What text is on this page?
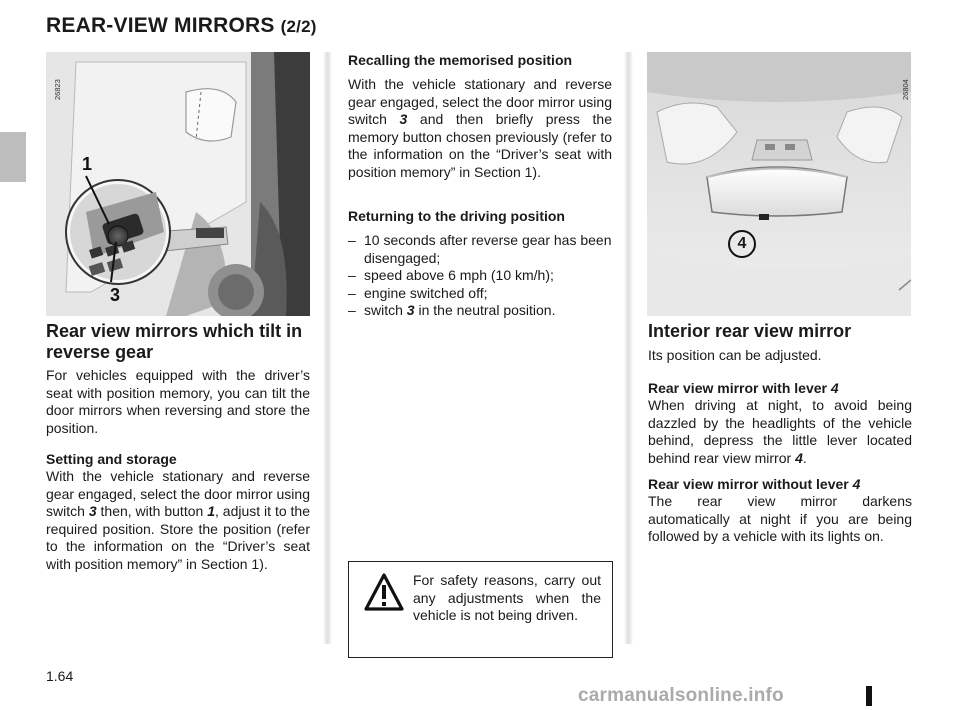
REAR-VIEW MIRRORS (2/2)
26823
1
3
Rear view mirrors which tilt in reverse gear
For vehicles equipped with the driver’s seat with position memory, you can tilt the door mirrors when reversing and store the position.
Setting and storage
With the vehicle stationary and reverse gear engaged, select the door mirror using switch 3 then, with button 1, adjust it to the required position. Store the position (refer to the information on the “Driver’s seat with position memory” in Section 1).
Recalling the memorised position
With the vehicle stationary and reverse gear engaged, select the door mirror using switch 3 and then briefly press the memory button chosen previously (refer to the information on the “Driver’s seat with position memory” in Section 1).
Returning to the driving position
– 10 seconds after reverse gear has been disengaged;
– speed above 6 mph (10 km/h);
– engine switched off;
– switch 3 in the neutral position.
For safety reasons, carry out any adjustments when the vehicle is not being driven.
26804
4
Interior rear view mirror
Its position can be adjusted.
Rear view mirror with lever 4
When driving at night, to avoid being dazzled by the headlights of the vehicle behind, depress the little lever located behind rear view mirror 4.
Rear view mirror without lever 4
The rear view mirror darkens automatically at night if you are being followed by a vehicle with its lights on.
1.64
carmanualsonline.info
